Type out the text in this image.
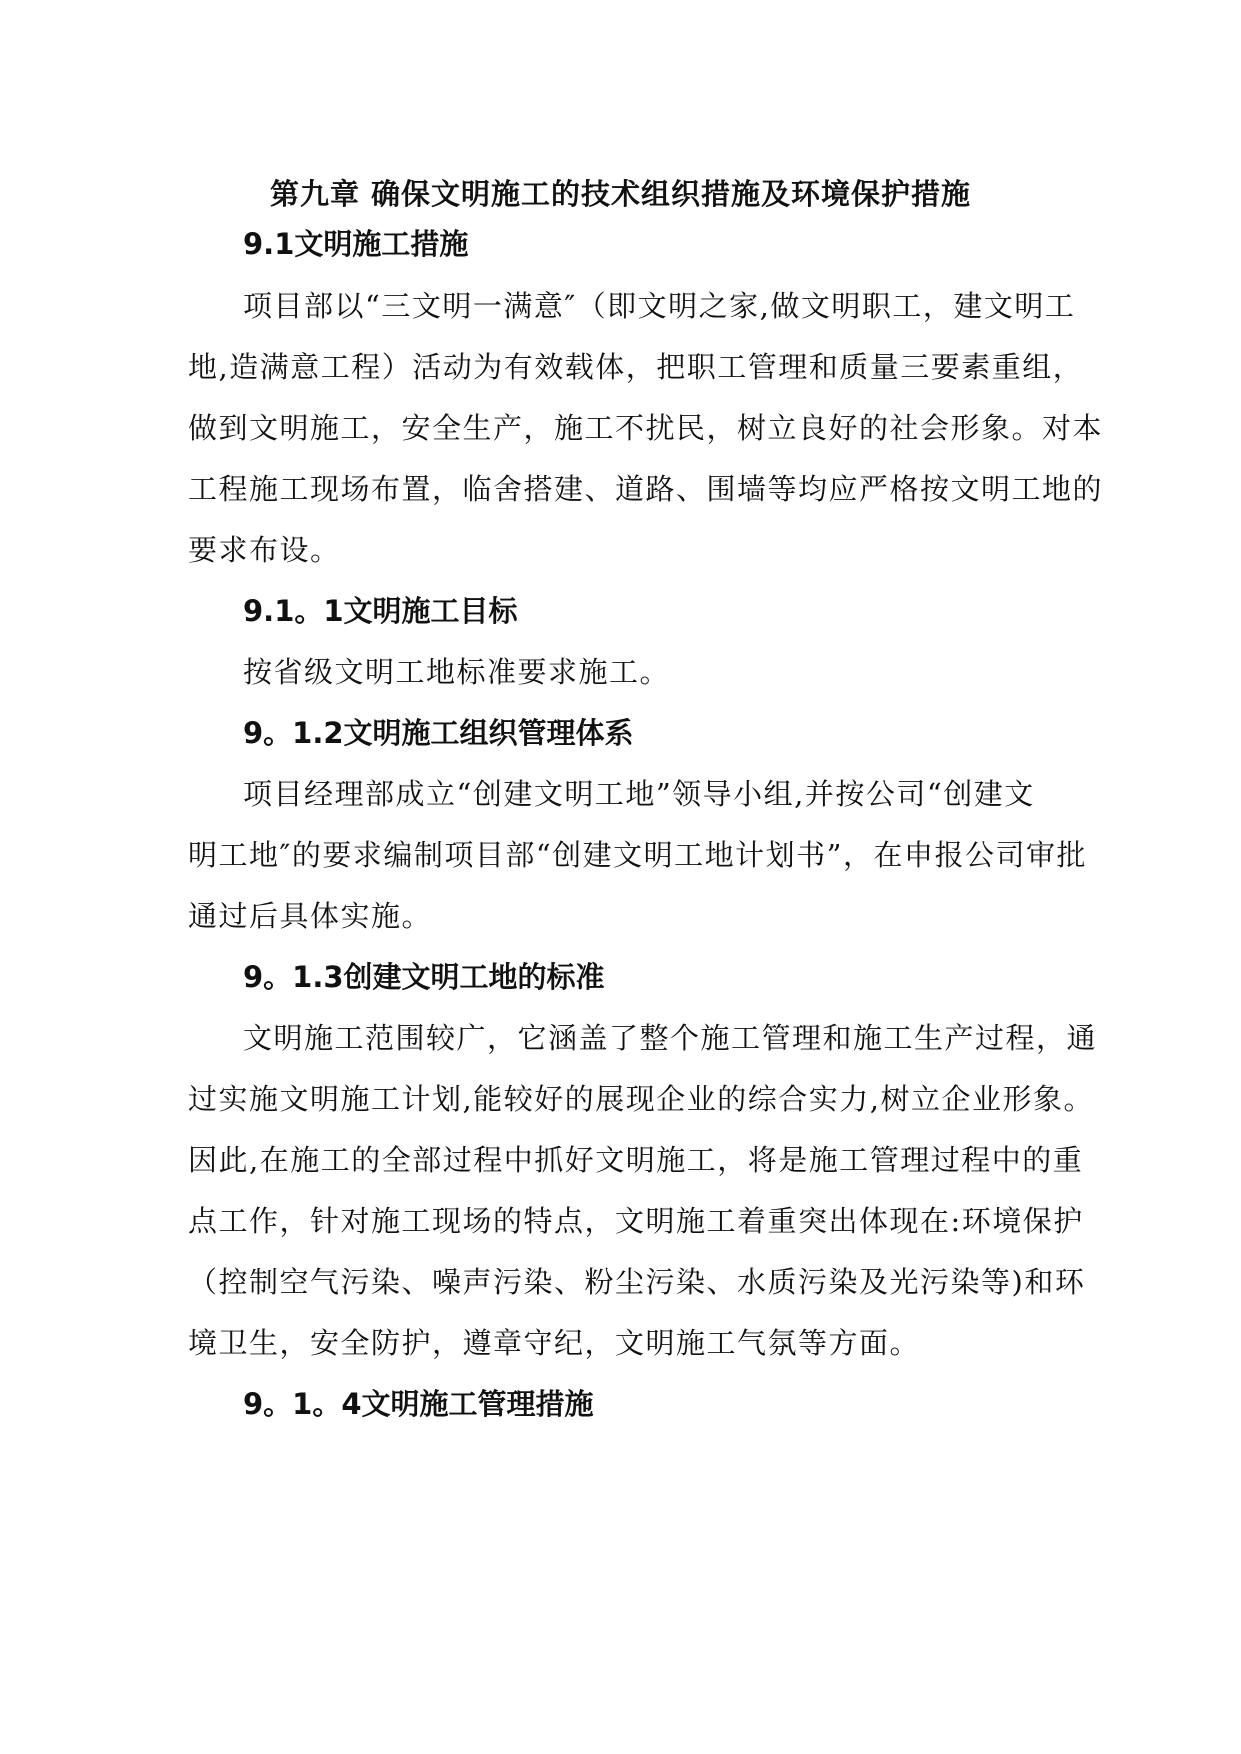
第九章 确保文明施工的技术组织措施及环境保护措施
9.1文明施工措施
项目部以“三文明一满意″（即文明之家,做文明职工，建文明工
地,造满意工程）活动为有效载体，把职工管理和质量三要素重组，
做到文明施工，安全生产，施工不扰民，树立良好的社会形象。对本
工程施工现场布置，临舍搭建、道路、围墙等均应严格按文明工地的
要求布设。
9.1。1文明施工目标
按省级文明工地标准要求施工。
9。1.2文明施工组织管理体系
项目经理部成立“创建文明工地”领导小组,并按公司“创建文
明工地″的要求编制项目部“创建文明工地计划书”，在申报公司审批
通过后具体实施。
9。1.3创建文明工地的标准
文明施工范围较广，它涵盖了整个施工管理和施工生产过程，通
过实施文明施工计划,能较好的展现企业的综合实力,树立企业形象。
因此,在施工的全部过程中抓好文明施工，将是施工管理过程中的重
点工作，针对施工现场的特点，文明施工着重突出体现在:环境保护
（控制空气污染、噪声污染、粉尘污染、水质污染及光污染等)和环
境卫生，安全防护，遵章守纪，文明施工气氛等方面。
9。1。4文明施工管理措施
